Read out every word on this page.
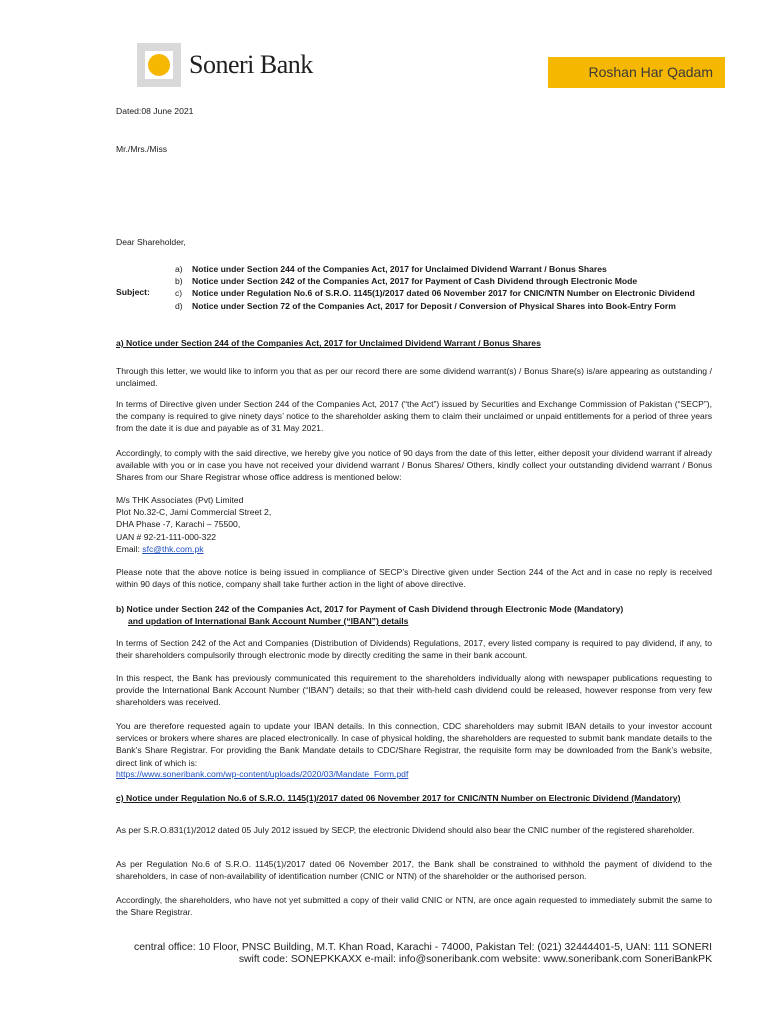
Soneri Bank	Roshan Har Qadam
Dated:08 June 2021
Mr./Mrs./Miss
Dear Shareholder,
Subject:
a) Notice under Section 244 of the Companies Act, 2017 for Unclaimed Dividend Warrant / Bonus Shares
b) Notice under Section 242 of the Companies Act, 2017 for Payment of Cash Dividend through Electronic Mode
c) Notice under Regulation No.6 of S.R.O. 1145(1)/2017 dated 06 November 2017 for CNIC/NTN Number on Electronic Dividend
d) Notice under Section 72 of the Companies Act, 2017 for Deposit / Conversion of Physical Shares into Book-Entry Form
a) Notice under Section 244 of the Companies Act, 2017 for Unclaimed Dividend Warrant / Bonus Shares
Through this letter, we would like to inform you that as per our record there are some dividend warrant(s) / Bonus Share(s) is/are appearing as outstanding / unclaimed.
In terms of Directive given under Section 244 of the Companies Act, 2017 (“the Act”) issued by Securities and Exchange Commission of Pakistan (“SECP”), the company is required to give ninety days’ notice to the shareholder asking them to claim their unclaimed or unpaid entitlements for a period of three years from the date it is due and payable as of 31 May 2021.
Accordingly, to comply with the said directive, we hereby give you notice of 90 days from the date of this letter, either deposit your dividend warrant if already available with you or in case you have not received your dividend warrant / Bonus Shares/ Others, kindly collect your outstanding dividend warrant / Bonus Shares from our Share Registrar whose office address is mentioned below:
M/s THK Associates (Pvt) Limited
Plot No.32-C, Jami Commercial Street 2,
DHA Phase -7, Karachi – 75500,
UAN # 92-21-111-000-322
Email: sfc@thk.com.pk
Please note that the above notice is being issued in compliance of SECP’s Directive given under Section 244 of the Act and in case no reply is received within 90 days of this notice, company shall take further action in the light of above directive.
b) Notice under Section 242 of the Companies Act, 2017 for Payment of Cash Dividend through Electronic Mode (Mandatory)
and updation of International Bank Account Number (“IBAN”) details
In terms of Section 242 of the Act and Companies (Distribution of Dividends) Regulations, 2017, every listed company is required to pay dividend, if any, to their shareholders compulsorily through electronic mode by directly crediting the same in their bank account.
In this respect, the Bank has previously communicated this requirement to the shareholders individually along with newspaper publications requesting to provide the International Bank Account Number (“IBAN”) details; so that their with-held cash dividend could be released, however response from very few shareholders was received.
You are therefore requested again to update your IBAN details. In this connection, CDC shareholders may submit IBAN details to your investor account services or brokers where shares are placed electronically. In case of physical holding, the shareholders are requested to submit bank mandate details to the Bank’s Share Registrar. For providing the Bank Mandate details to CDC/Share Registrar, the requisite form may be downloaded from the Bank’s website, direct link of which is:
https://www.soneribank.com/wp-content/uploads/2020/03/Mandate_Form.pdf
c) Notice under Regulation No.6 of S.R.O. 1145(1)/2017 dated 06 November 2017 for CNIC/NTN Number on Electronic Dividend (Mandatory)
As per S.R.O.831(1)/2012 dated 05 July 2012 issued by SECP, the electronic Dividend should also bear the CNIC number of the registered shareholder.
As per Regulation No.6 of S.R.O. 1145(1)/2017 dated 06 November 2017, the Bank shall be constrained to withhold the payment of dividend to the shareholders, in case of non-availability of identification number (CNIC or NTN) of the shareholder or the authorised person.
Accordingly, the shareholders, who have not yet submitted a copy of their valid CNIC or NTN, are once again requested to immediately submit the same to the Share Registrar.
central office: 10 Floor, PNSC Building, M.T. Khan Road, Karachi - 74000, Pakistan Tel: (021) 32444401-5, UAN: 111 SONERI
swift code: SONEPKKAXX e-mail: info@soneribank.com website: www.soneribank.com SoneriBankPK
